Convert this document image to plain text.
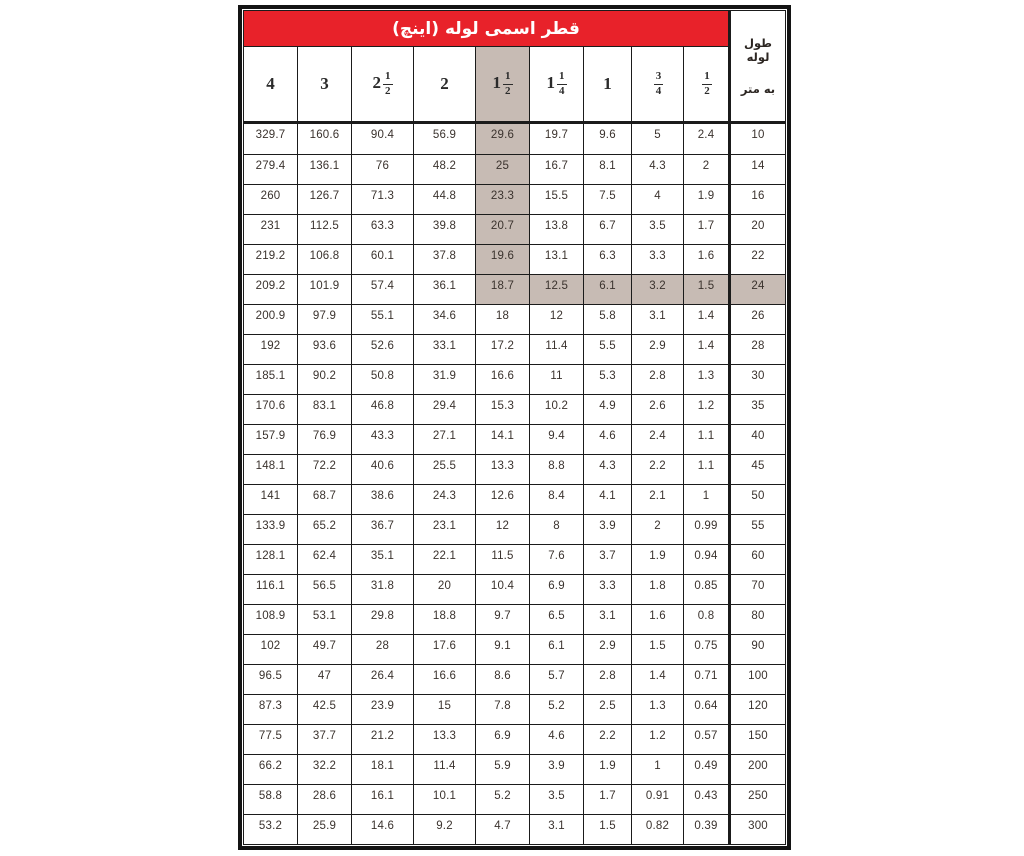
قطر اسمی لوله (اینچ)									طول لوله
به متر

4	3	$2 \frac{1}{2}$	2	$1 \frac{1}{2}$	$1 \frac{1}{4}$	1	$\frac{3}{4}$	$\frac{1}{2}$

329.7	160.6	90.4	56.9	29.6	19.7	9.6	5	2.4	10
279.4	136.1	76	48.2	25	16.7	8.1	4.3	2	14
260	126.7	71.3	44.8	23.3	15.5	7.5	4	1.9	16
231	112.5	63.3	39.8	20.7	13.8	6.7	3.5	1.7	20
219.2	106.8	60.1	37.8	19.6	13.1	6.3	3.3	1.6	22
209.2	101.9	57.4	36.1	18.7	12.5	6.1	3.2	1.5	24
200.9	97.9	55.1	34.6	18	12	5.8	3.1	1.4	26
192	93.6	52.6	33.1	17.2	11.4	5.5	2.9	1.4	28
185.1	90.2	50.8	31.9	16.6	11	5.3	2.8	1.3	30
170.6	83.1	46.8	29.4	15.3	10.2	4.9	2.6	1.2	35
157.9	76.9	43.3	27.1	14.1	9.4	4.6	2.4	1.1	40
148.1	72.2	40.6	25.5	13.3	8.8	4.3	2.2	1.1	45
141	68.7	38.6	24.3	12.6	8.4	4.1	2.1	1	50
133.9	65.2	36.7	23.1	12	8	3.9	2	0.99	55
128.1	62.4	35.1	22.1	11.5	7.6	3.7	1.9	0.94	60
116.1	56.5	31.8	20	10.4	6.9	3.3	1.8	0.85	70
108.9	53.1	29.8	18.8	9.7	6.5	3.1	1.6	0.8	80
102	49.7	28	17.6	9.1	6.1	2.9	1.5	0.75	90
96.5	47	26.4	16.6	8.6	5.7	2.8	1.4	0.71	100
87.3	42.5	23.9	15	7.8	5.2	2.5	1.3	0.64	120
77.5	37.7	21.2	13.3	6.9	4.6	2.2	1.2	0.57	150
66.2	32.2	18.1	11.4	5.9	3.9	1.9	1	0.49	200
58.8	28.6	16.1	10.1	5.2	3.5	1.7	0.91	0.43	250
53.2	25.9	14.6	9.2	4.7	3.1	1.5	0.82	0.39	300
